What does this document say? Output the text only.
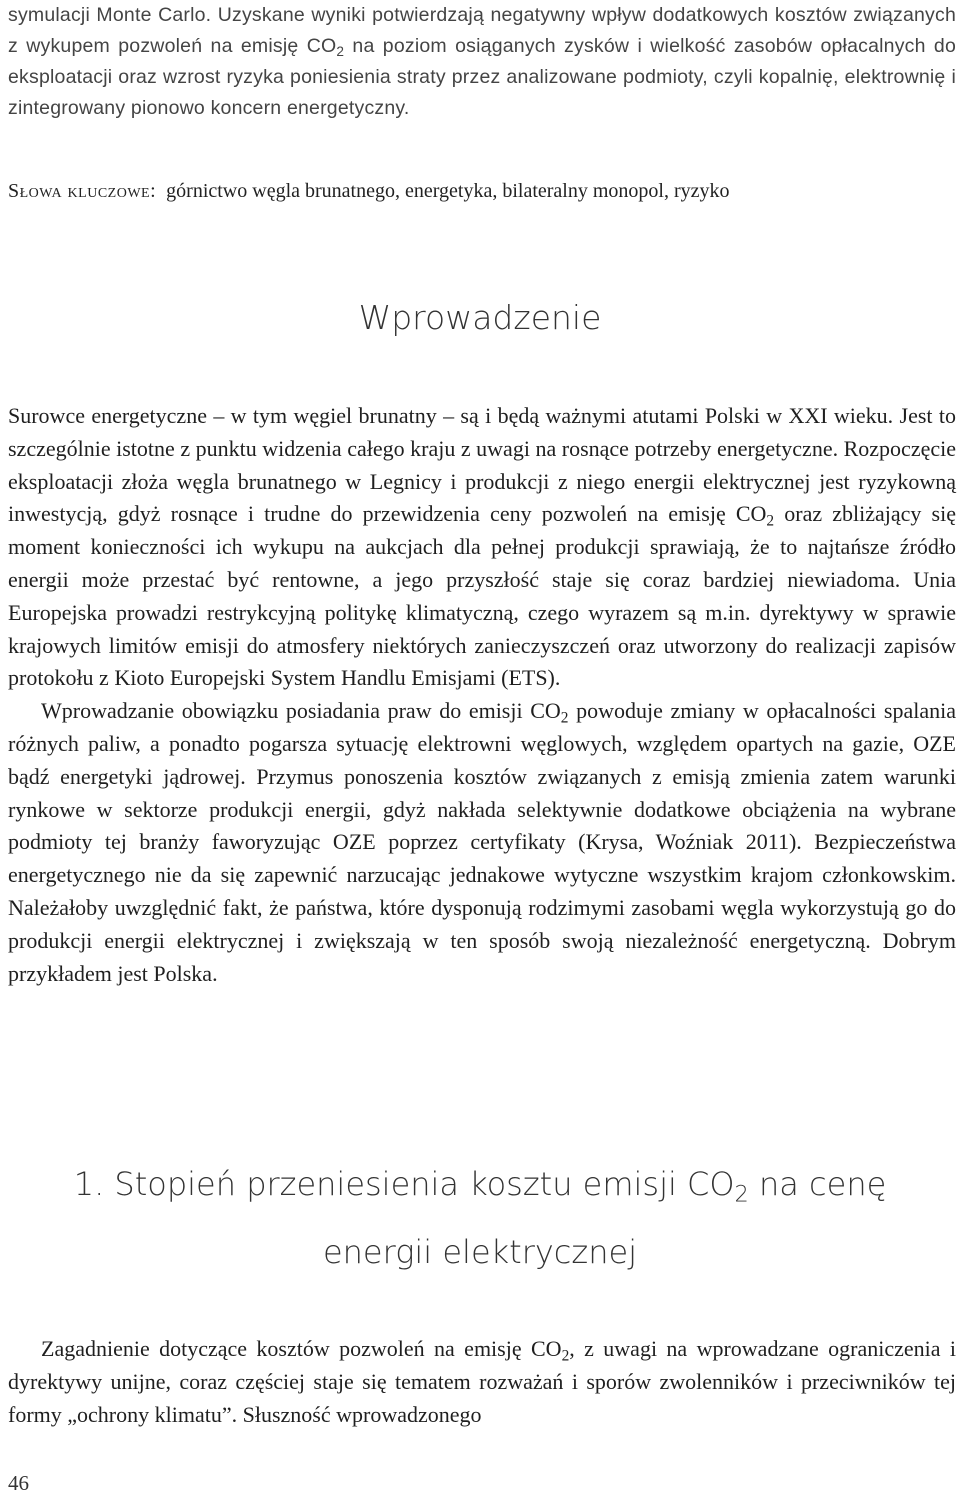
symulacji Monte Carlo. Uzyskane wyniki potwierdzają negatywny wpływ dodatkowych kosztów związanych z wykupem pozwoleń na emisję $CO_2$ na poziom osiąganych zysków i wielkość zasobów opłacalnych do eksploatacji oraz wzrost ryzyka poniesienia straty przez analizowane podmioty, czyli kopalnię, elektrownię i zintegrowany pionowo koncern energetyczny.

Słowa kluczowe: górnictwo węgla brunatnego, energetyka, bilateralny monopol, ryzyko
Wprowadzenie

Surowce energetyczne – w tym węgiel brunatny – są i będą ważnymi atutami Polski w XXI wieku. Jest to szczególnie istotne z punktu widzenia całego kraju z uwagi na rosnące potrzeby energetyczne. Rozpoczęcie eksploatacji złoża węgla brunatnego w Legnicy i produkcji z niego energii elektrycznej jest ryzykowną inwestycją, gdyż rosnące i trudne do przewidzenia ceny pozwoleń na emisję $CO_2$ oraz zbliżający się moment konieczności ich wykupu na aukcjach dla pełnej produkcji sprawiają, że to najtańsze źródło energii może przestać być rentowne, a jego przyszłość staje się coraz bardziej niewiadoma. Unia Europejska prowadzi restrykcyjną politykę klimatyczną, czego wyrazem są m.in. dyrektywy w sprawie krajowych limitów emisji do atmosfery niektórych zanieczyszczeń oraz utworzony do realizacji zapisów protokołu z Kioto Europejski System Handlu Emisjami (ETS).

Wprowadzanie obowiązku posiadania praw do emisji $CO_2$ powoduje zmiany w opłacalności spalania różnych paliw, a ponadto pogarsza sytuację elektrowni węglowych, względem opartych na gazie, OZE bądź energetyki jądrowej. Przymus ponoszenia kosztów związanych z emisją zmienia zatem warunki rynkowe w sektorze produkcji energii, gdyż nakłada selektywnie dodatkowe obciążenia na wybrane podmioty tej branży faworyzując OZE poprzez certyfikaty (Krysa, Woźniak 2011). Bezpieczeństwa energetycznego nie da się zapewnić narzucając jednakowe wytyczne wszystkim krajom członkowskim. Należałoby uwzględnić fakt, że państwa, które dysponują rodzimymi zasobami węgla wykorzystują go do produkcji energii elektrycznej i zwiększają w ten sposób swoją niezależność energetyczną. Dobrym przykładem jest Polska.

1. Stopień przeniesienia kosztu emisji $CO_2$ na cenę energii elektrycznej

Zagadnienie dotyczące kosztów pozwoleń na emisję $CO_2$, z uwagi na wprowadzane ograniczenia i dyrektywy unijne, coraz częściej staje się tematem rozważań i sporów zwolenników i przeciwników tej formy „ochrony klimatu”. Słuszność wprowadzonego

46
